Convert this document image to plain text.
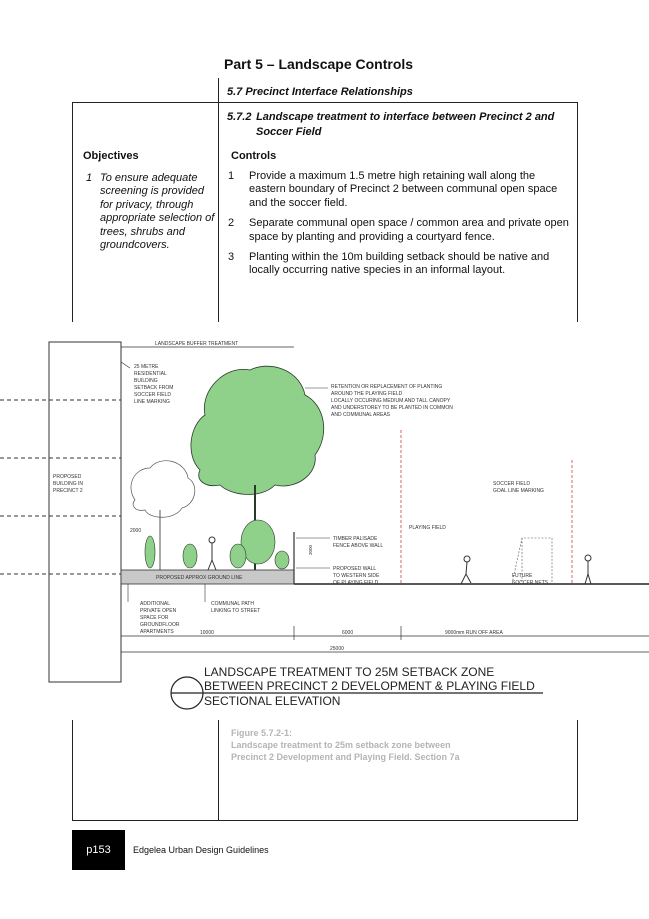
Part 5 – Landscape Controls
5.7 Precinct Interface Relationships
5.7.2 Landscape treatment to interface between Precinct 2 and
Soccer Field
Objectives	Controls
1 To ensure adequate screening is provided for privacy, through appropriate selection of trees, shrubs and groundcovers.
1 Provide a maximum 1.5 metre high retaining wall along the eastern boundary of Precinct 2 between communal open space and the soccer field.
2 Separate communal open space / common area and private open space by planting and providing a courtyard fence.
3 Planting within the 10m building setback should be native and locally occurring native species in an informal layout.
PROPOSED
BUILDING IN
PRECINCT 2
LANDSCAPE BUFFER TREATMENT
25 METRE
RESIDENTIAL
BUILDING
SETBACK FROM
SOCCER FIELD
LINE MARKING
PROPOSED APPROX GROUND LINE
3000
RETENTION OR REPLACEMENT OF PLANTING
AROUND THE PLAYING FIELD
LOCALLY OCCURING MEDIUM AND TALL CANOPY
AND UNDERSTOREY TO BE PLANTED IN COMMON
AND COMMUNAL AREAS
TIMBER PALISADE
FENCE ABOVE WALL
PROPOSED WALL
TO WESTERN SIDE
OF PLAYING FIELD
PLAYING FIELD
SOCCER FIELD
GOAL LINE MARKING
FUTURE
SOCCER NETS
2000
ADDITIONAL
PRIVATE OPEN
SPACE FOR
GROUNDFLOOR
APARTMENTS
COMMUNAL PATH
LINKING TO STREET
10000	6000	9000mm RUN OFF AREA
25000
LANDSCAPE TREATMENT TO 25M SETBACK ZONE
BETWEEN PRECINCT 2 DEVELOPMENT & PLAYING FIELD
SECTIONAL ELEVATION
Figure 5.7.2-1:
Landscape treatment to 25m setback zone between
Precinct 2 Development and Playing Field. Section 7a
p153	Edgelea Urban Design Guidelines
